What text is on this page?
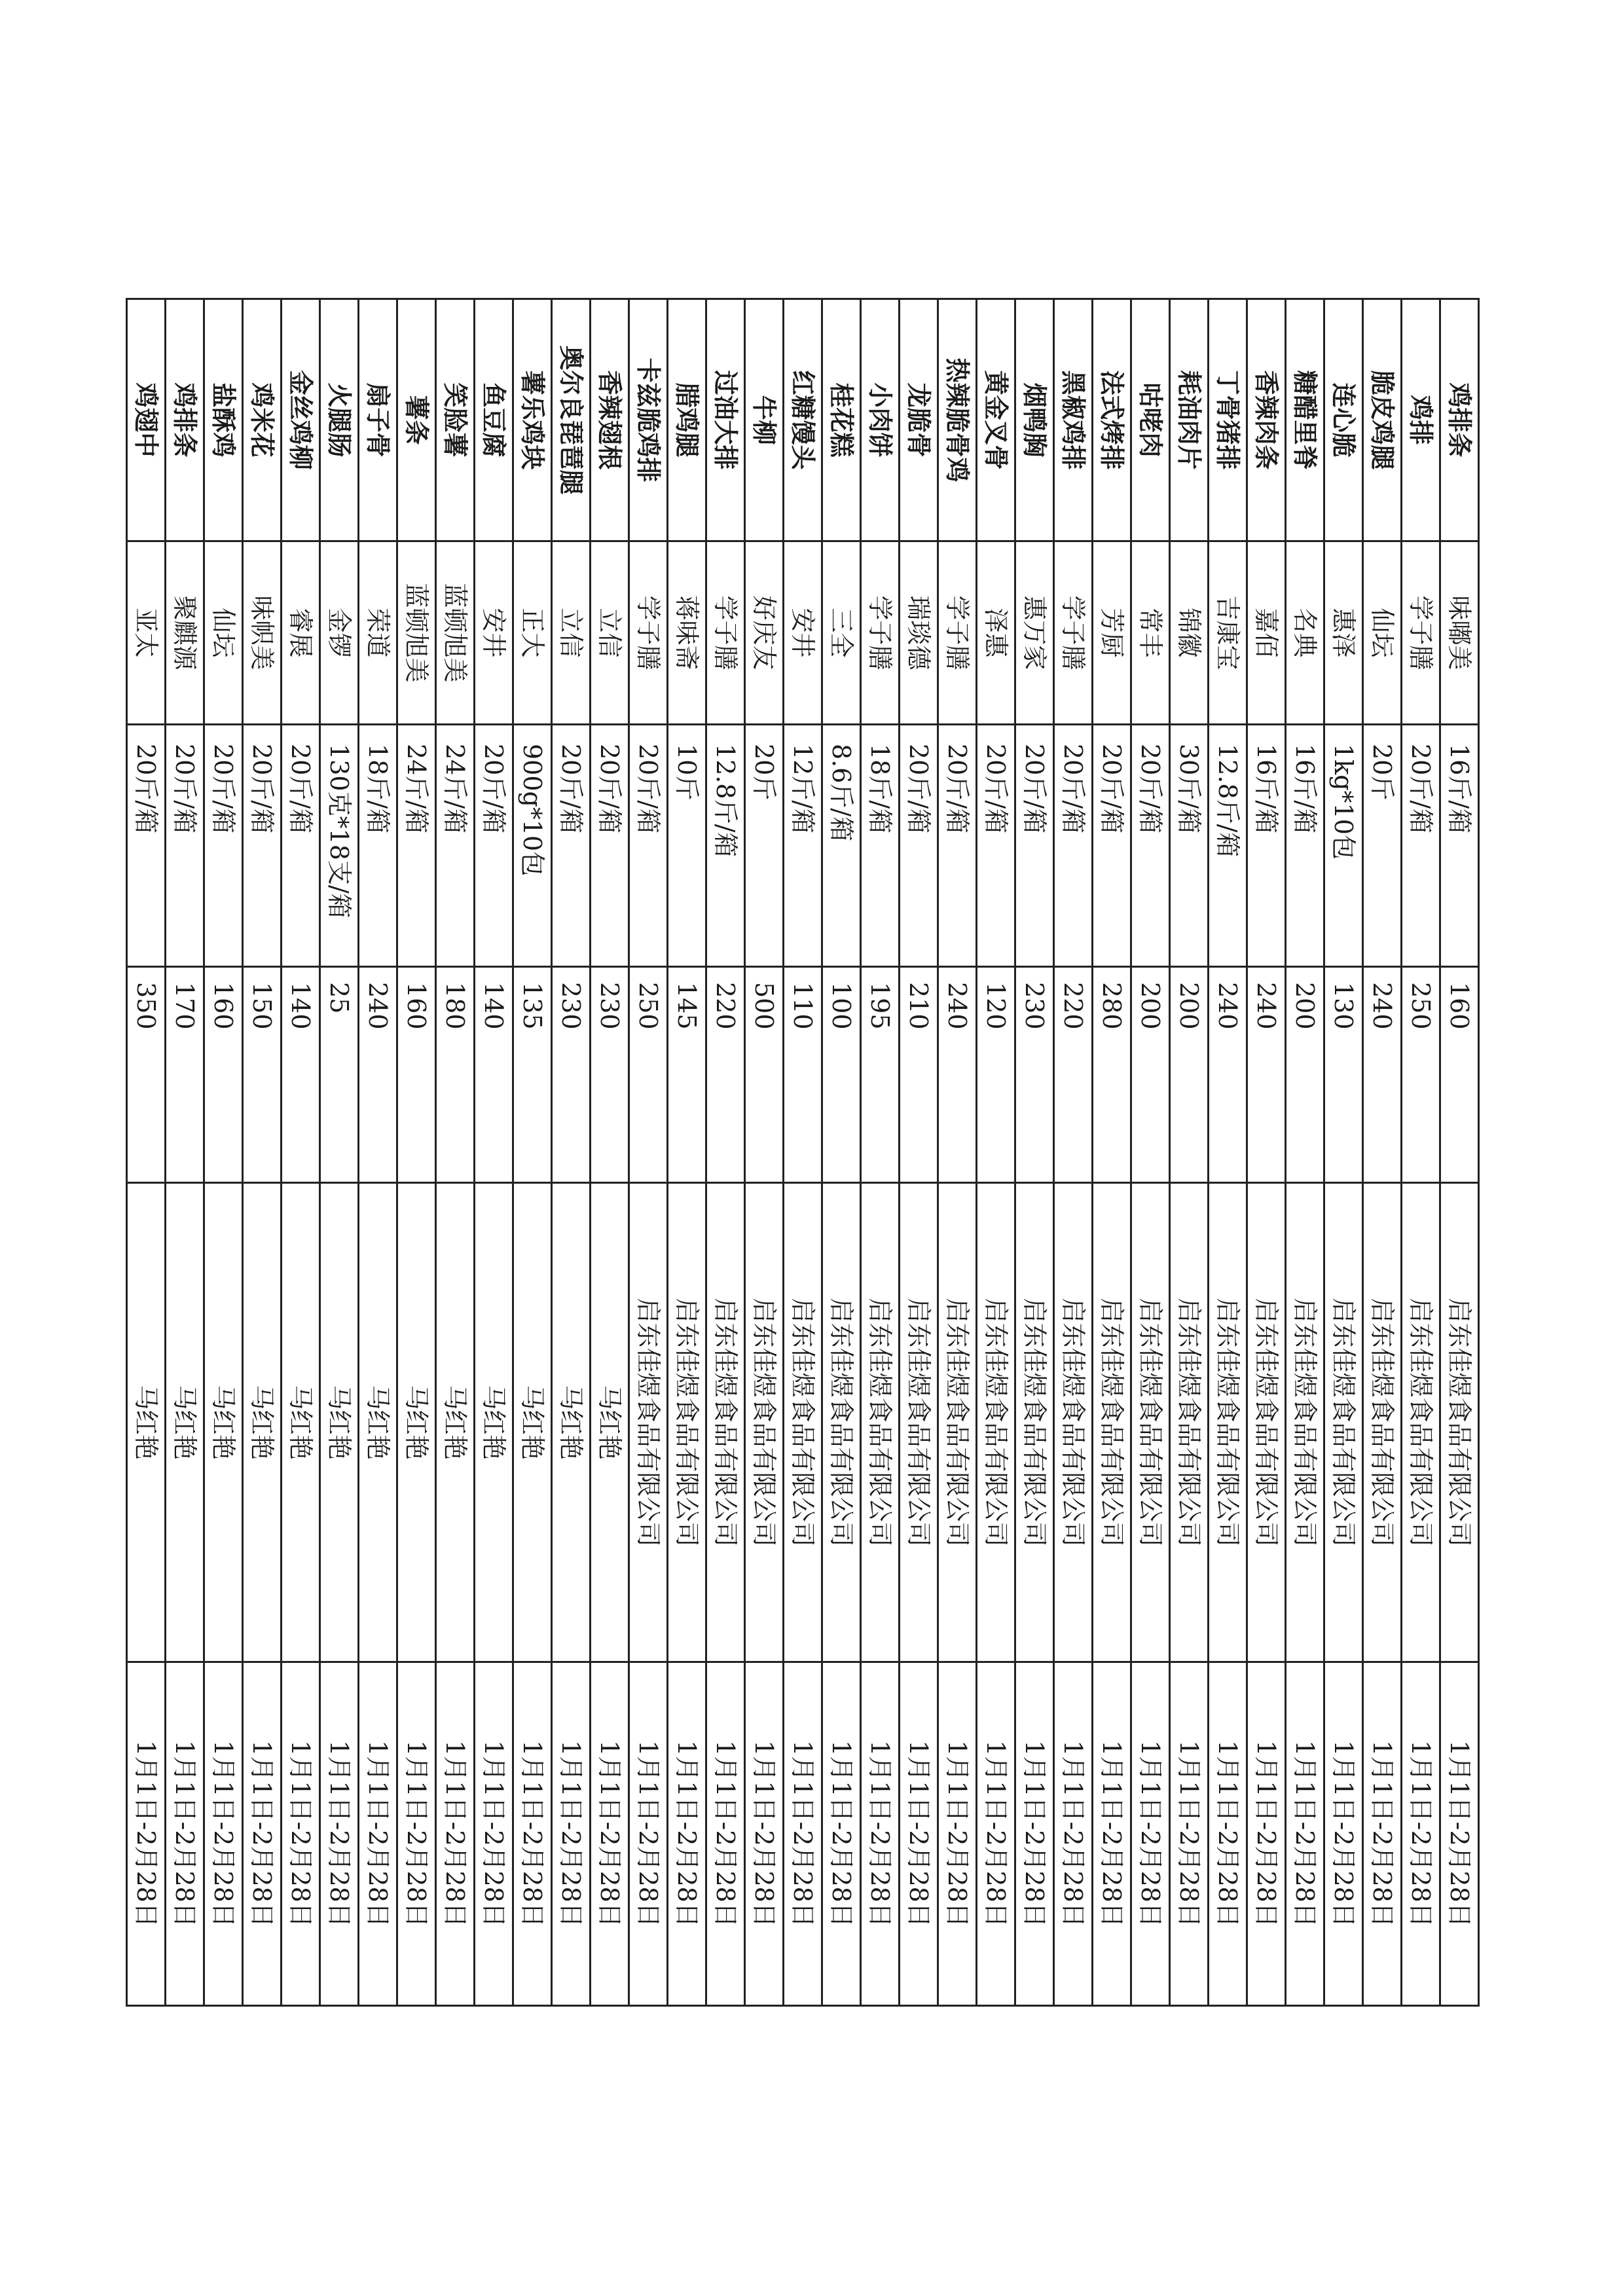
鸡排条	味嘟美	16斤/箱	160	启东佳煜食品有限公司	1月1日-2月28日
鸡排	学子膳	20斤/箱	250	启东佳煜食品有限公司	1月1日-2月28日
脆皮鸡腿	仙坛	20斤	240	启东佳煜食品有限公司	1月1日-2月28日
连心脆	惠泽	1kg*10包	130	启东佳煜食品有限公司	1月1日-2月28日
糖醋里脊	名典	16斤/箱	200	启东佳煜食品有限公司	1月1日-2月28日
香辣肉条	嘉佰	16斤/箱	240	启东佳煜食品有限公司	1月1日-2月28日
丁骨猪排	吉康宝	12.8斤/箱	240	启东佳煜食品有限公司	1月1日-2月28日
耗油肉片	锦徽	30斤/箱	200	启东佳煜食品有限公司	1月1日-2月28日
咕咾肉	常丰	20斤/箱	200	启东佳煜食品有限公司	1月1日-2月28日
法式烤排	芳厨	20斤/箱	280	启东佳煜食品有限公司	1月1日-2月28日
黑椒鸡排	学子膳	20斤/箱	220	启东佳煜食品有限公司	1月1日-2月28日
烟鸭胸	惠万家	20斤/箱	230	启东佳煜食品有限公司	1月1日-2月28日
黄金叉骨	泽惠	20斤/箱	120	启东佳煜食品有限公司	1月1日-2月28日
热辣脆骨鸡	学子膳	20斤/箱	240	启东佳煜食品有限公司	1月1日-2月28日
龙脆骨	瑞琰德	20斤/箱	210	启东佳煜食品有限公司	1月1日-2月28日
小肉饼	学子膳	18斤/箱	195	启东佳煜食品有限公司	1月1日-2月28日
桂花糕	三全	8.6斤/箱	100	启东佳煜食品有限公司	1月1日-2月28日
红糖馒头	安井	12斤/箱	110	启东佳煜食品有限公司	1月1日-2月28日
牛柳	好庆友	20斤	500	启东佳煜食品有限公司	1月1日-2月28日
过油大排	学子膳	12.8斤/箱	220	启东佳煜食品有限公司	1月1日-2月28日
腊鸡腿	蒋味斋	10斤	145	启东佳煜食品有限公司	1月1日-2月28日
卡兹脆鸡排	学子膳	20斤/箱	250	启东佳煜食品有限公司	1月1日-2月28日
香辣翅根	立信	20斤/箱	230	马红艳	1月1日-2月28日
奥尔良琵琶腿	立信	20斤/箱	230	马红艳	1月1日-2月28日
薯乐鸡块	正大	900g*10包	135	马红艳	1月1日-2月28日
鱼豆腐	安井	20斤/箱	140	马红艳	1月1日-2月28日
笑脸薯	蓝顿旭美	24斤/箱	180	马红艳	1月1日-2月28日
薯条	蓝顿旭美	24斤/箱	160	马红艳	1月1日-2月28日
扇子骨	荣道	18斤/箱	240	马红艳	1月1日-2月28日
火腿肠	金锣	130克*18支/箱	25	马红艳	1月1日-2月28日
金丝鸡柳	睿展	20斤/箱	140	马红艳	1月1日-2月28日
鸡米花	味帜美	20斤/箱	150	马红艳	1月1日-2月28日
盐酥鸡	仙坛	20斤/箱	160	马红艳	1月1日-2月28日
鸡排条	聚麒源	20斤/箱	170	马红艳	1月1日-2月28日
鸡翅中	亚太	20斤/箱	350	马红艳	1月1日-2月28日
